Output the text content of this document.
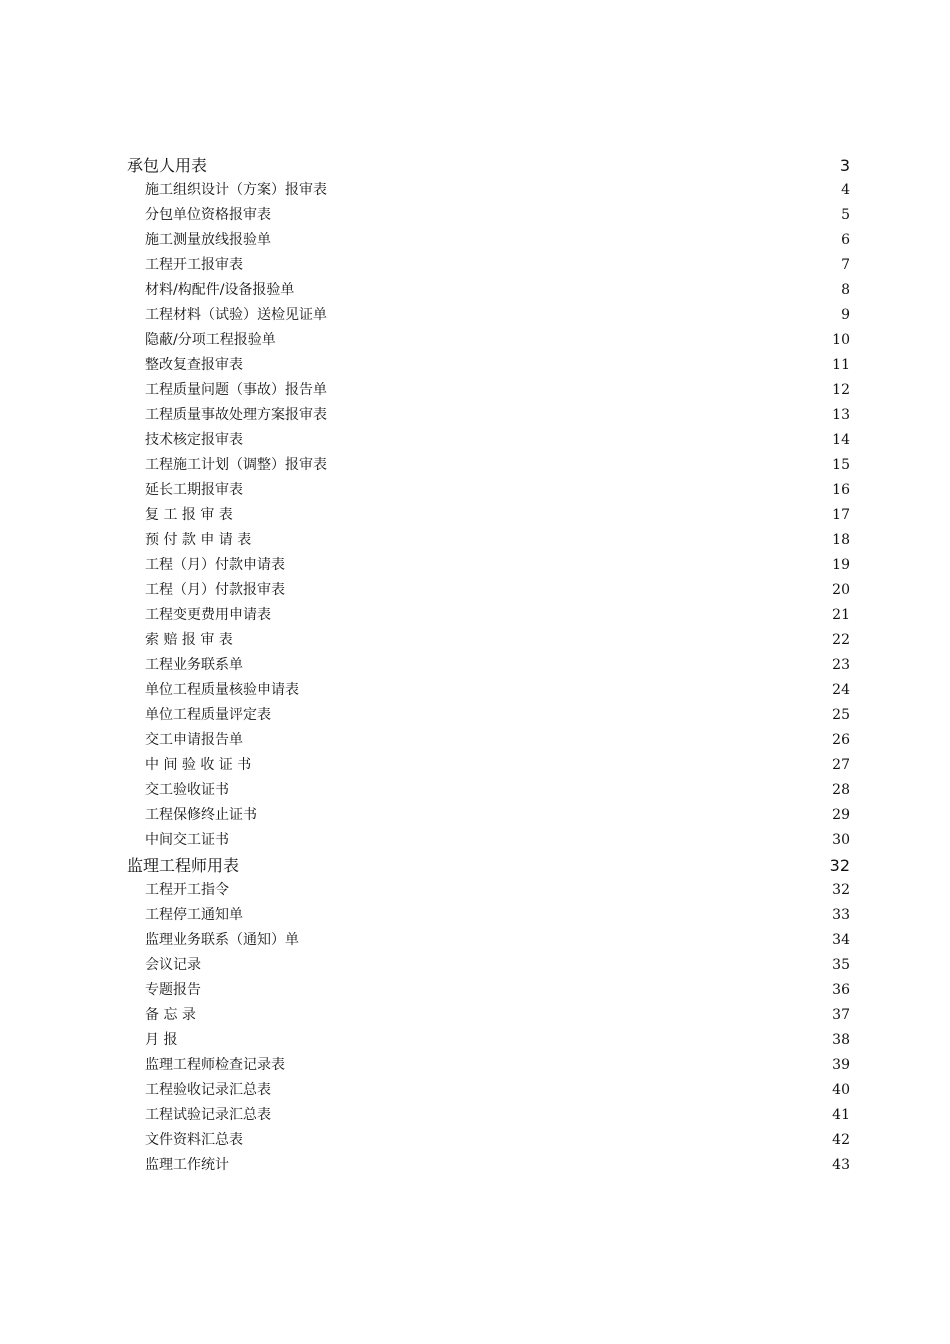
承包人用表 .....	3
施工组织设计（方案）报审表 .....	4
分包单位资格报审表 .....	5
施工测量放线报验单 .....	6
工程开工报审表 .....	7
材料/构配件/设备报验单 .....	8
工程材料（试验）送检见证单 .....	9
隐蔽/分项工程报验单 .....	10
整改复查报审表 .....	11
工程质量问题（事故）报告单 .....	12
工程质量事故处理方案报审表 .....	13
技术核定报审表 .....	14
工程施工计划（调整）报审表 .....	15
延长工期报审表 .....	16
复 工 报 审 表 .....	17
预 付 款 申 请 表 .....	18
工程（月）付款申请表 .....	19
工程（月）付款报审表 .....	20
工程变更费用申请表 .....	21
索 赔 报 审 表 .....	22
工程业务联系单 .....	23
单位工程质量核验申请表 .....	24
单位工程质量评定表 .....	25
交工申请报告单 .....	26
中 间 验 收 证 书 .....	27
交工验收证书 .....	28
工程保修终止证书 .....	29
中间交工证书 .....	30
监理工程师用表 .....	32
工程开工指令 .....	32
工程停工通知单 .....	33
监理业务联系（通知）单 .....	34
会议记录 .....	35
专题报告 .....	36
备 忘 录 .....	37
月 报 .....	38
监理工程师检查记录表 .....	39
工程验收记录汇总表 .....	40
工程试验记录汇总表 .....	41
文件资料汇总表 .....	42
监理工作统计 .....	43
